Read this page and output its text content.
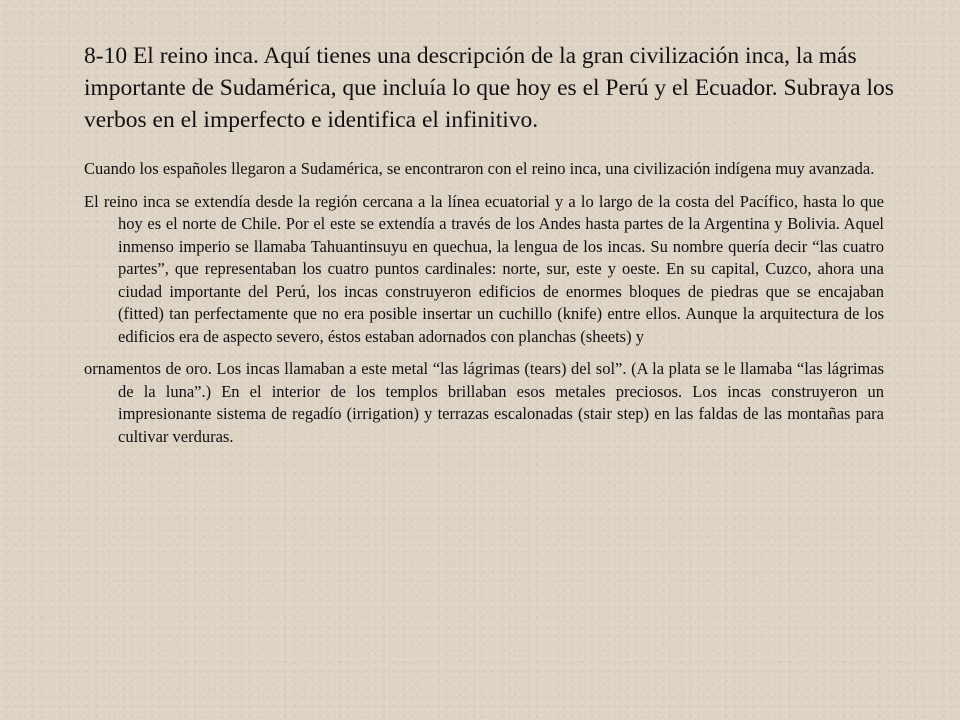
8-10 El reino inca. Aquí tienes una descripción de la gran civilización inca, la más importante de Sudamérica, que incluía lo que hoy es el Perú y el Ecuador. Subraya los verbos en el imperfecto e identifica el infinitivo.

Cuando los españoles llegaron a Sudamérica, se encontraron con el reino inca, una civilización indígena muy avanzada.

El reino inca se extendía desde la región cercana a la línea ecuatorial y a lo largo de la costa del Pacífico, hasta lo que hoy es el norte de Chile. Por el este se extendía a través de los Andes hasta partes de la Argentina y Bolivia. Aquel inmenso imperio se llamaba Tahuantinsuyu en quechua, la lengua de los incas. Su nombre quería decir “las cuatro partes”, que representaban los cuatro puntos cardinales: norte, sur, este y oeste. En su capital, Cuzco, ahora una ciudad importante del Perú, los incas construyeron edificios de enormes bloques de piedras que se encajaban (fitted) tan perfectamente que no era posible insertar un cuchillo (knife) entre ellos. Aunque la arquitectura de los edificios era de aspecto severo, éstos estaban adornados con planchas (sheets) y

ornamentos de oro. Los incas llamaban a este metal “las lágrimas (tears) del sol”. (A la plata se le llamaba “las lágrimas de la luna”.) En el interior de los templos brillaban esos metales preciosos. Los incas construyeron un impresionante sistema de regadío (irrigation) y terrazas escalonadas (stair step) en las faldas de las montañas para cultivar verduras.
